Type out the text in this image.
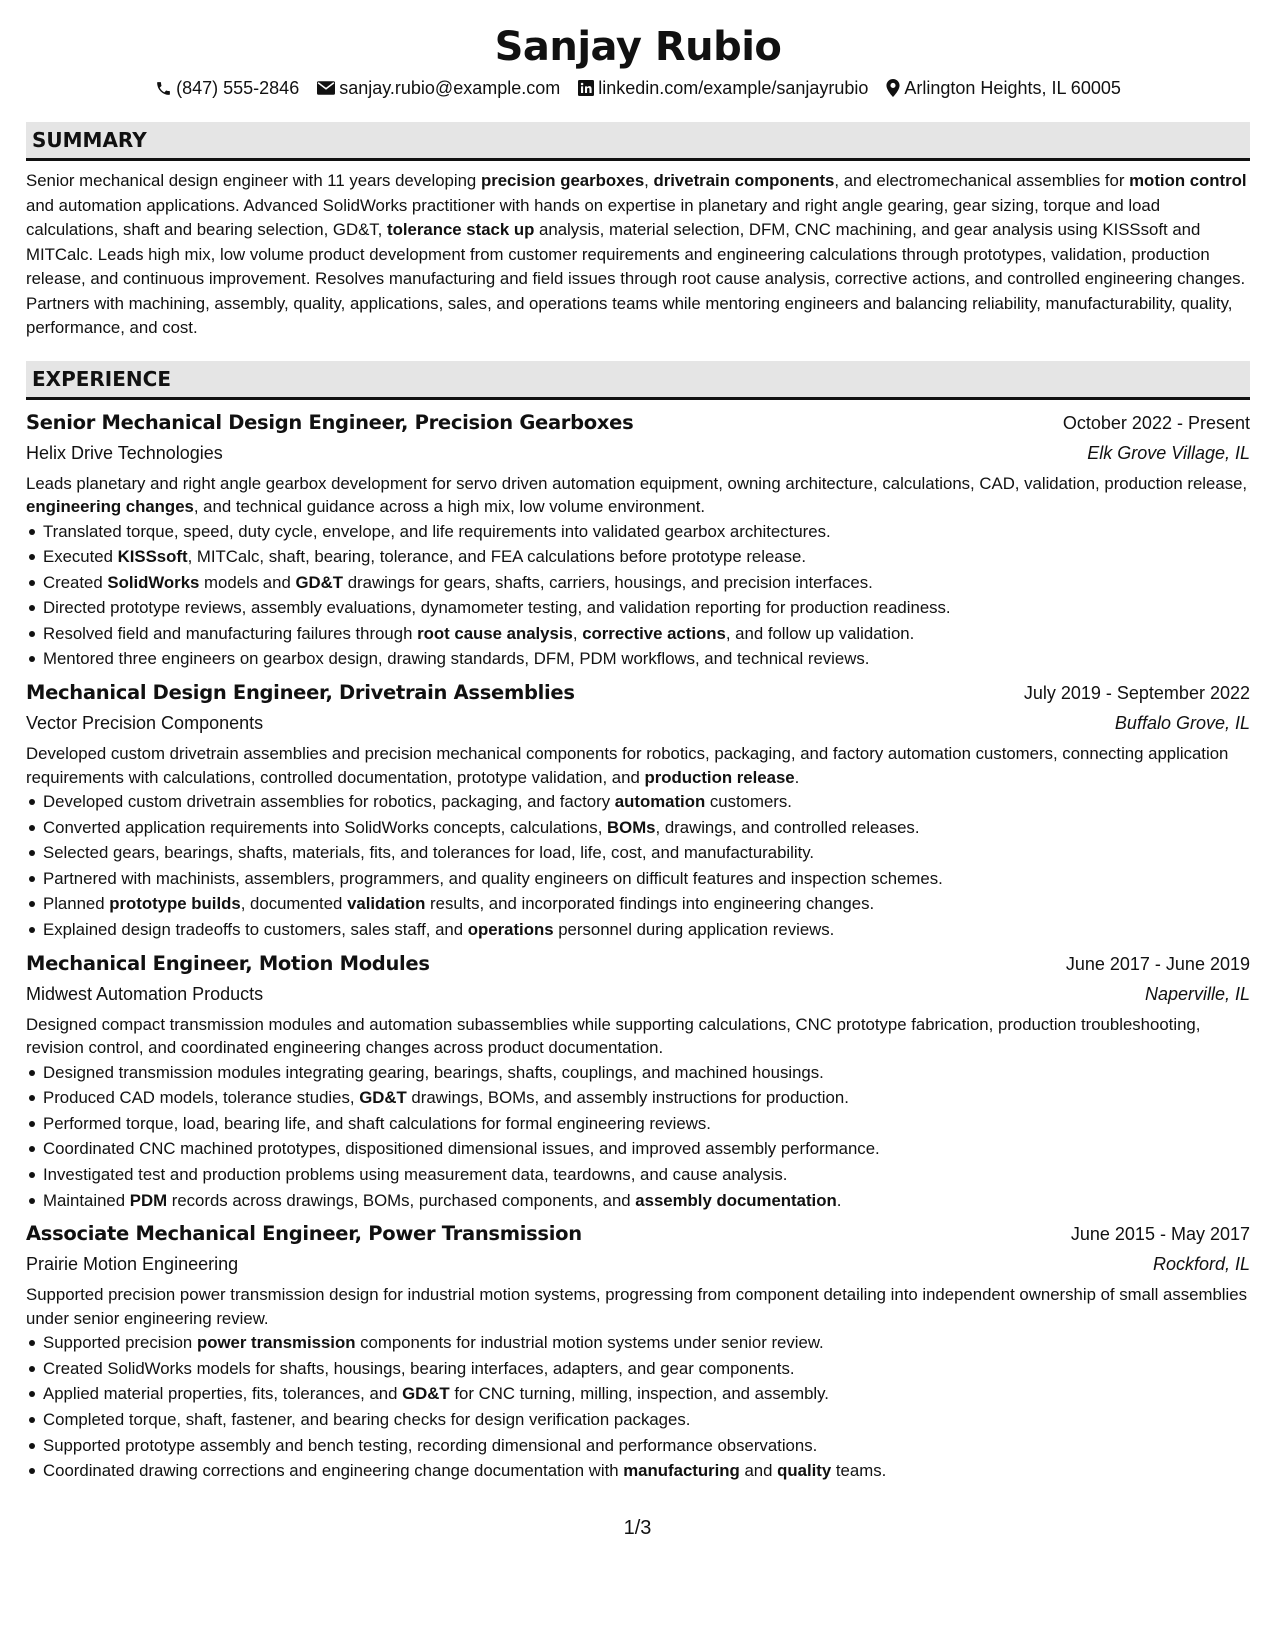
Sanjay Rubio
(847) 555-2846 sanjay.rubio@example.com linkedin.com/example/sanjayrubio Arlington Heights, IL 60005
SUMMARY

Senior mechanical design engineer with 11 years developing precision gearboxes, drivetrain components, and electromechanical assemblies for motion control and automation applications. Advanced SolidWorks practitioner with hands on expertise in planetary and right angle gearing, gear sizing, torque and load calculations, shaft and bearing selection, GD&T, tolerance stack up analysis, material selection, DFM, CNC machining, and gear analysis using KISSsoft and MITCalc. Leads high mix, low volume product development from customer requirements and engineering calculations through prototypes, validation, production release, and continuous improvement. Resolves manufacturing and field issues through root cause analysis, corrective actions, and controlled engineering changes. Partners with machining, assembly, quality, applications, sales, and operations teams while mentoring engineers and balancing reliability, manufacturability, quality, performance, and cost.

EXPERIENCE
Senior Mechanical Design Engineer, Precision Gearboxes	October 2022 - Present
Helix Drive Technologies	Elk Grove Village, IL

Leads planetary and right angle gearbox development for servo driven automation equipment, owning architecture, calculations, CAD, validation, production release, engineering changes, and technical guidance across a high mix, low volume environment.

Translated torque, speed, duty cycle, envelope, and life requirements into validated gearbox architectures.
Executed KISSsoft, MITCalc, shaft, bearing, tolerance, and FEA calculations before prototype release.
Created SolidWorks models and GD&T drawings for gears, shafts, carriers, housings, and precision interfaces.
Directed prototype reviews, assembly evaluations, dynamometer testing, and validation reporting for production readiness.
Resolved field and manufacturing failures through root cause analysis, corrective actions, and follow up validation.
Mentored three engineers on gearbox design, drawing standards, DFM, PDM workflows, and technical reviews.
Mechanical Design Engineer, Drivetrain Assemblies	July 2019 - September 2022
Vector Precision Components	Buffalo Grove, IL

Developed custom drivetrain assemblies and precision mechanical components for robotics, packaging, and factory automation customers, connecting application requirements with calculations, controlled documentation, prototype validation, and production release.

Developed custom drivetrain assemblies for robotics, packaging, and factory automation customers.
Converted application requirements into SolidWorks concepts, calculations, BOMs, drawings, and controlled releases.
Selected gears, bearings, shafts, materials, fits, and tolerances for load, life, cost, and manufacturability.
Partnered with machinists, assemblers, programmers, and quality engineers on difficult features and inspection schemes.
Planned prototype builds, documented validation results, and incorporated findings into engineering changes.
Explained design tradeoffs to customers, sales staff, and operations personnel during application reviews.
Mechanical Engineer, Motion Modules	June 2017 - June 2019
Midwest Automation Products	Naperville, IL

Designed compact transmission modules and automation subassemblies while supporting calculations, CNC prototype fabrication, production troubleshooting, revision control, and coordinated engineering changes across product documentation.

Designed transmission modules integrating gearing, bearings, shafts, couplings, and machined housings.
Produced CAD models, tolerance studies, GD&T drawings, BOMs, and assembly instructions for production.
Performed torque, load, bearing life, and shaft calculations for formal engineering reviews.
Coordinated CNC machined prototypes, dispositioned dimensional issues, and improved assembly performance.
Investigated test and production problems using measurement data, teardowns, and cause analysis.
Maintained PDM records across drawings, BOMs, purchased components, and assembly documentation.
Associate Mechanical Engineer, Power Transmission	June 2015 - May 2017
Prairie Motion Engineering	Rockford, IL

Supported precision power transmission design for industrial motion systems, progressing from component detailing into independent ownership of small assemblies under senior engineering review.

Supported precision power transmission components for industrial motion systems under senior review.
Created SolidWorks models for shafts, housings, bearing interfaces, adapters, and gear components.
Applied material properties, fits, tolerances, and GD&T for CNC turning, milling, inspection, and assembly.
Completed torque, shaft, fastener, and bearing checks for design verification packages.
Supported prototype assembly and bench testing, recording dimensional and performance observations.
Coordinated drawing corrections and engineering change documentation with manufacturing and quality teams.
1/3
